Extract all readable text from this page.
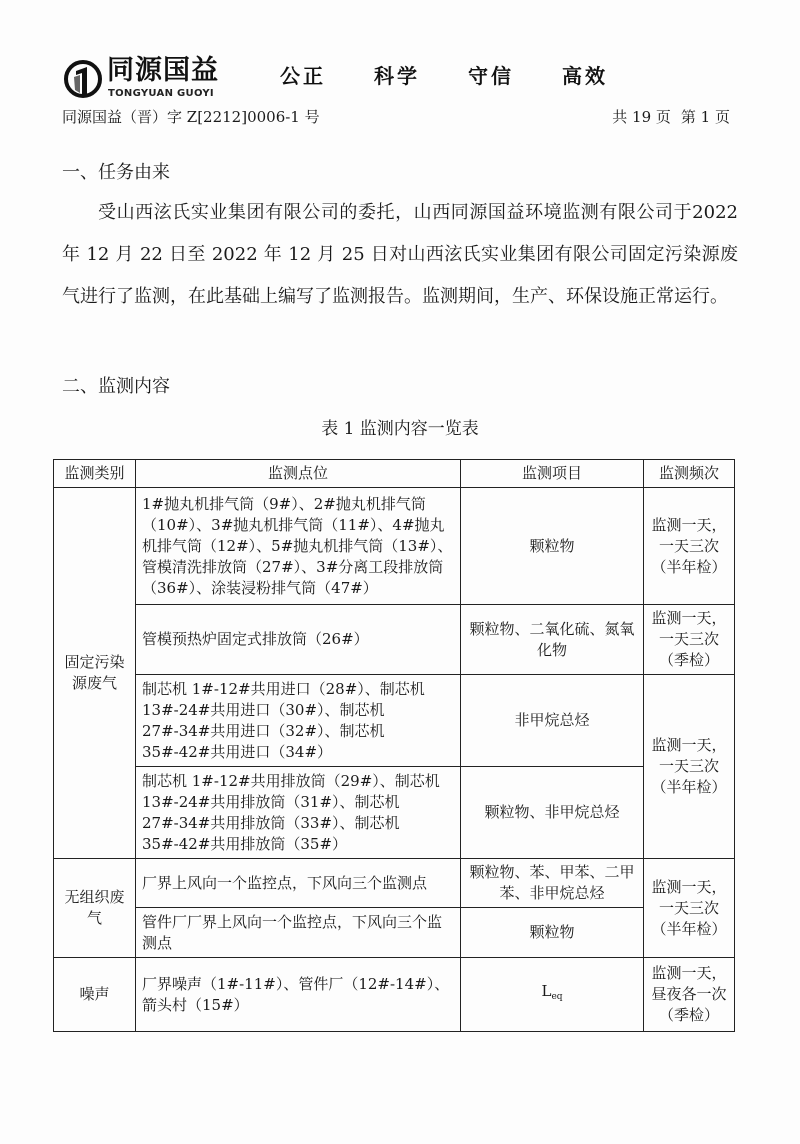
同源国益
TONGYUAN GUOYI
公正 科学 守信 高效
同源国益（晋）字 Z[2212]0006-1 号	共 19 页 第 1 页
一、任务由来

受山西泫氏实业集团有限公司的委托，山西同源国益环境监测有限公司于2022 年 12 月 22 日至 2022 年 12 月 25 日对山西泫氏实业集团有限公司固定污染源废气进行了监测，在此基础上编写了监测报告。监测期间，生产、环保设施正常运行。

二、监测内容
表 1 监测内容一览表
监测类别	监测点位	监测项目	监测频次
固定污染源废气	1#抛丸机排气筒（9#）、2#抛丸机排气筒（10#）、3#抛丸机排气筒（11#）、4#抛丸机排气筒（12#）、5#抛丸机排气筒（13#）、管模清洗排放筒（27#）、3#分离工段排放筒（36#）、涂装浸粉排气筒（47#）	颗粒物	监测一天，一天三次（半年检）
	管模预热炉固定式排放筒（26#）	颗粒物、二氧化硫、氮氧化物	监测一天，一天三次（季检）
	制芯机 1#-12#共用进口（28#）、制芯机 13#-24#共用进口（30#）、制芯机 27#-34#共用进口（32#）、制芯机 35#-42#共用进口（34#）	非甲烷总烃	监测一天，一天三次（半年检）
	制芯机 1#-12#共用排放筒（29#）、制芯机 13#-24#共用排放筒（31#）、制芯机 27#-34#共用排放筒（33#）、制芯机 35#-42#共用排放筒（35#）	颗粒物、非甲烷总烃	
无组织废气	厂界上风向一个监控点，下风向三个监测点	颗粒物、苯、甲苯、二甲苯、非甲烷总烃	监测一天，一天三次（半年检）
	管件厂厂界上风向一个监控点，下风向三个监测点	颗粒物	
噪声	厂界噪声（1#-11#）、管件厂（12#-14#）、箭头村（15#）	$L_{eq}$	监测一天，昼夜各一次（季检）
